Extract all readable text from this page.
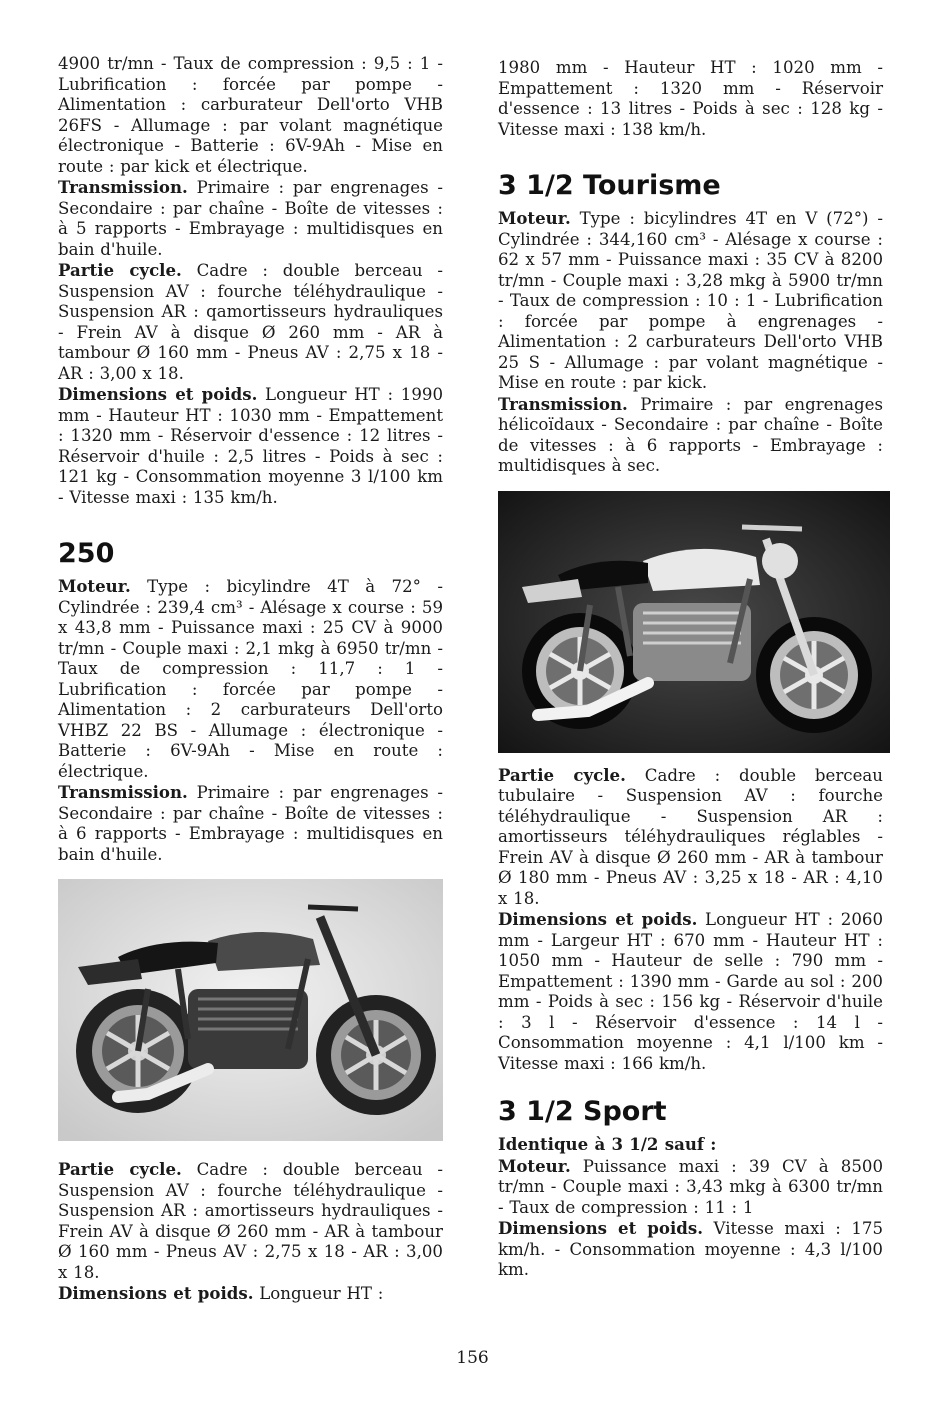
4900 tr/mn - Taux de compression : 9,5 : 1 - Lubrification : forcée par pompe - Alimentation : carburateur Dell'orto VHB 26FS - Allumage : par volant magnétique électronique - Batterie : 6V-9Ah - Mise en route : par kick et électrique.

Transmission. Primaire : par engrenages - Secondaire : par chaîne - Boîte de vitesses : à 5 rapports - Embrayage : multidisques en bain d'huile.

Partie cycle. Cadre : double berceau - Suspension AV : fourche téléhydraulique - Suspension AR : qamortisseurs hydrauliques - Frein AV à disque Ø 260 mm - AR à tambour Ø 160 mm - Pneus AV : 2,75 x 18 - AR : 3,00 x 18.

Dimensions et poids. Longueur HT : 1990 mm - Hauteur HT : 1030 mm - Empattement : 1320 mm - Réservoir d'essence : 12 litres - Réservoir d'huile : 2,5 litres - Poids à sec : 121 kg - Consommation moyenne 3 l/100 km - Vitesse maxi : 135 km/h.

250

Moteur. Type : bicylindre 4T à 72° - Cylindrée : 239,4 cm³ - Alésage x course : 59 x 43,8 mm - Puissance maxi : 25 CV à 9000 tr/mn - Couple maxi : 2,1 mkg à 6950 tr/mn - Taux de compression : 11,7 : 1 - Lubrification : forcée par pompe - Alimentation : 2 carburateurs Dell'orto VHBZ 22 BS - Allumage : électronique - Batterie : 6V-9Ah - Mise en route : électrique.

Transmission. Primaire : par engrenages - Secondaire : par chaîne - Boîte de vitesses : à 6 rapports - Embrayage : multidisques en bain d'huile.

Partie cycle. Cadre : double berceau - Suspension AV : fourche téléhydraulique - Suspension AR : amortisseurs hydrauliques - Frein AV à disque Ø 260 mm - AR à tambour Ø 160 mm - Pneus AV : 2,75 x 18 - AR : 3,00 x 18.

Dimensions et poids. Longueur HT :

1980 mm - Hauteur HT : 1020 mm - Empattement : 1320 mm - Réservoir d'essence : 13 litres - Poids à sec : 128 kg - Vitesse maxi : 138 km/h.

3 1/2 Tourisme

Moteur. Type : bicylindres 4T en V (72°) - Cylindrée : 344,160 cm³ - Alésage x course : 62 x 57 mm - Puissance maxi : 35 CV à 8200 tr/mn - Couple maxi : 3,28 mkg à 5900 tr/mn - Taux de compression : 10 : 1 - Lubrification : forcée par pompe à engrenages - Alimentation : 2 carburateurs Dell'orto VHB 25 S - Allumage : par volant magnétique - Mise en route : par kick.

Transmission. Primaire : par engrenages hélicoïdaux - Secondaire : par chaîne - Boîte de vitesses : à 6 rapports - Embrayage : multidisques à sec.

Partie cycle. Cadre : double berceau tubulaire - Suspension AV : fourche téléhydraulique - Suspension AR : amortisseurs téléhydrauliques réglables - Frein AV à disque Ø 260 mm - AR à tambour Ø 180 mm - Pneus AV : 3,25 x 18 - AR : 4,10 x 18.

Dimensions et poids. Longueur HT : 2060 mm - Largeur HT : 670 mm - Hauteur HT : 1050 mm - Hauteur de selle : 790 mm - Empattement : 1390 mm - Garde au sol : 200 mm - Poids à sec : 156 kg - Réservoir d'huile : 3 l - Réservoir d'essence : 14 l - Consommation moyenne : 4,1 l/100 km - Vitesse maxi : 166 km/h.

3 1/2 Sport

Identique à 3 1/2 sauf :

Moteur. Puissance maxi : 39 CV à 8500 tr/mn - Couple maxi : 3,43 mkg à 6300 tr/mn - Taux de compression : 11 : 1

Dimensions et poids. Vitesse maxi : 175 km/h. - Consommation moyenne : 4,3 l/100 km.

156
